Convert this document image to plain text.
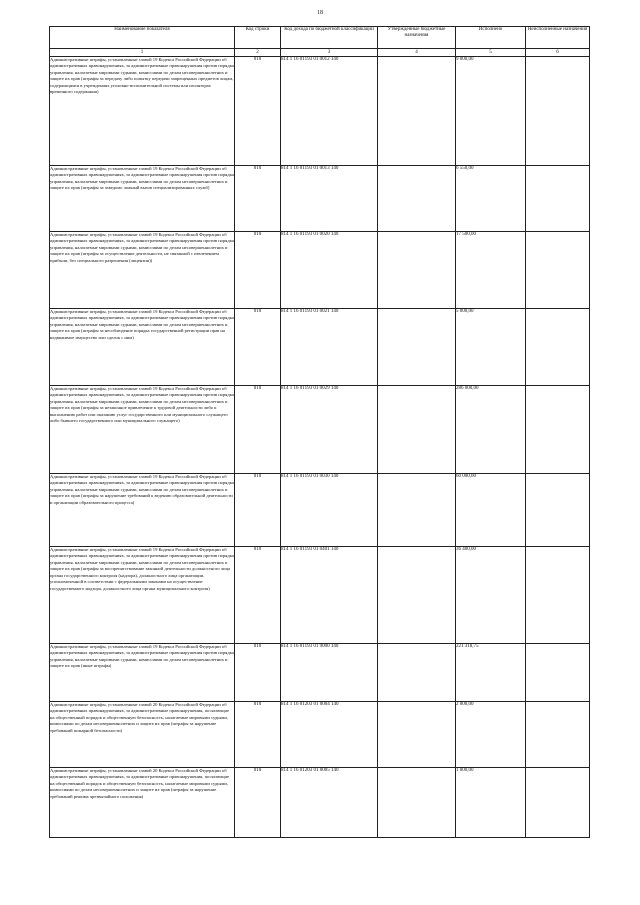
18
Наименование показателя	Код строки	Код дохода по бюджетной классификации	Утвержденные бюджетные назначения	Исполнено	Неисполненные назначения
1	2	3	4	5	6
Административные штрафы, установленные главой 19 Кодекса Российской Федерации об административных правонарушениях, за административные правонарушения против порядка управления, налагаемые мировыми судьями, комиссиями по делам несовершеннолетних и защите их прав (штрафы за передачу либо попытку передачи запрещенных предметов лицам, содержащимся в учреждениях уголовно-исполнительной системы или изоляторах временного содержания)	010	814 1 16 01193 01 0012 140		9 000,00	
Административные штрафы, установленные главой 19 Кодекса Российской Федерации об административных правонарушениях, за административные правонарушения против порядка управления, налагаемые мировыми судьями, комиссиями по делам несовершеннолетних и защите их прав (штрафы за заведомо ложный вызов специализированных служб)	010	814 1 16 01193 01 0013 140		6 550,00	
Административные штрафы, установленные главой 19 Кодекса Российской Федерации об административных правонарушениях, за административные правонарушения против порядка управления, налагаемые мировыми судьями, комиссиями по делам несовершеннолетних и защите их прав (штрафы за осуществление деятельности, не связанной с извлечением прибыли, без специального разрешения (лицензии))	010	814 1 16 01193 01 0020 140		17 500,00	
Административные штрафы, установленные главой 19 Кодекса Российской Федерации об административных правонарушениях, за административные правонарушения против порядка управления, налагаемые мировыми судьями, комиссиями по делам несовершеннолетних и защите их прав (штрафы за несоблюдение порядка государственной регистрации прав на недвижимое имущество или сделок с ним)	010	814 1 16 01193 01 0021 140		5 000,00	
Административные штрафы, установленные главой 19 Кодекса Российской Федерации об административных правонарушениях, за административные правонарушения против порядка управления, налагаемые мировыми судьями, комиссиями по делам несовершеннолетних и защите их прав (штрафы за незаконное привлечение к трудовой деятельности либо к выполнению работ или оказанию услуг государственного или муниципального служащего либо бывшего государственного или муниципального служащего)	010	814 1 16 01193 01 0029 140		286 000,00	
Административные штрафы, установленные главой 19 Кодекса Российской Федерации об административных правонарушениях, за административные правонарушения против порядка управления, налагаемые мировыми судьями, комиссиями по делам несовершеннолетних и защите их прав (штрафы за нарушение требований к ведению образовательной деятельности и организации образовательного процесса)	010	814 1 16 01193 01 0030 140		60 000,00	
Административные штрафы, установленные главой 19 Кодекса Российской Федерации об административных правонарушениях, за административные правонарушения против порядка управления, налагаемые мировыми судьями, комиссиями по делам несовершеннолетних и защите их прав (штрафы за воспрепятствование законной деятельности должностного лица органа государственного контроля (надзора), должностного лица организации, уполномоченной в соответствии с федеральными законами на осуществление государственного надзора, должностного лица органа муниципального контроля)	010	814 1 16 01193 01 0401 140		36 400,00	
Административные штрафы, установленные главой 19 Кодекса Российской Федерации об административных правонарушениях, за административные правонарушения против порядка управления, налагаемые мировыми судьями, комиссиями по делам несовершеннолетних и защите их прав (иные штрафы)	010	814 1 16 01193 01 9000 140		221 318,75	
Административные штрафы, установленные главой 20 Кодекса Российской Федерации об административных правонарушениях, за административные правонарушения, посягающие на общественный порядок и общественную безопасность, налагаемые мировыми судьями, комиссиями по делам несовершеннолетних и защите их прав (штрафы за нарушение требований пожарной безопасности)	010	814 1 16 01203 01 0004 140		2 000,00	
Административные штрафы, установленные главой 20 Кодекса Российской Федерации об административных правонарушениях, за административные правонарушения, посягающие на общественный порядок и общественную безопасность, налагаемые мировыми судьями, комиссиями по делам несовершеннолетних и защите их прав (штрафы за нарушение требований режима чрезвычайного положения)	010	814 1 16 01203 01 0005 140		1 000,00	
